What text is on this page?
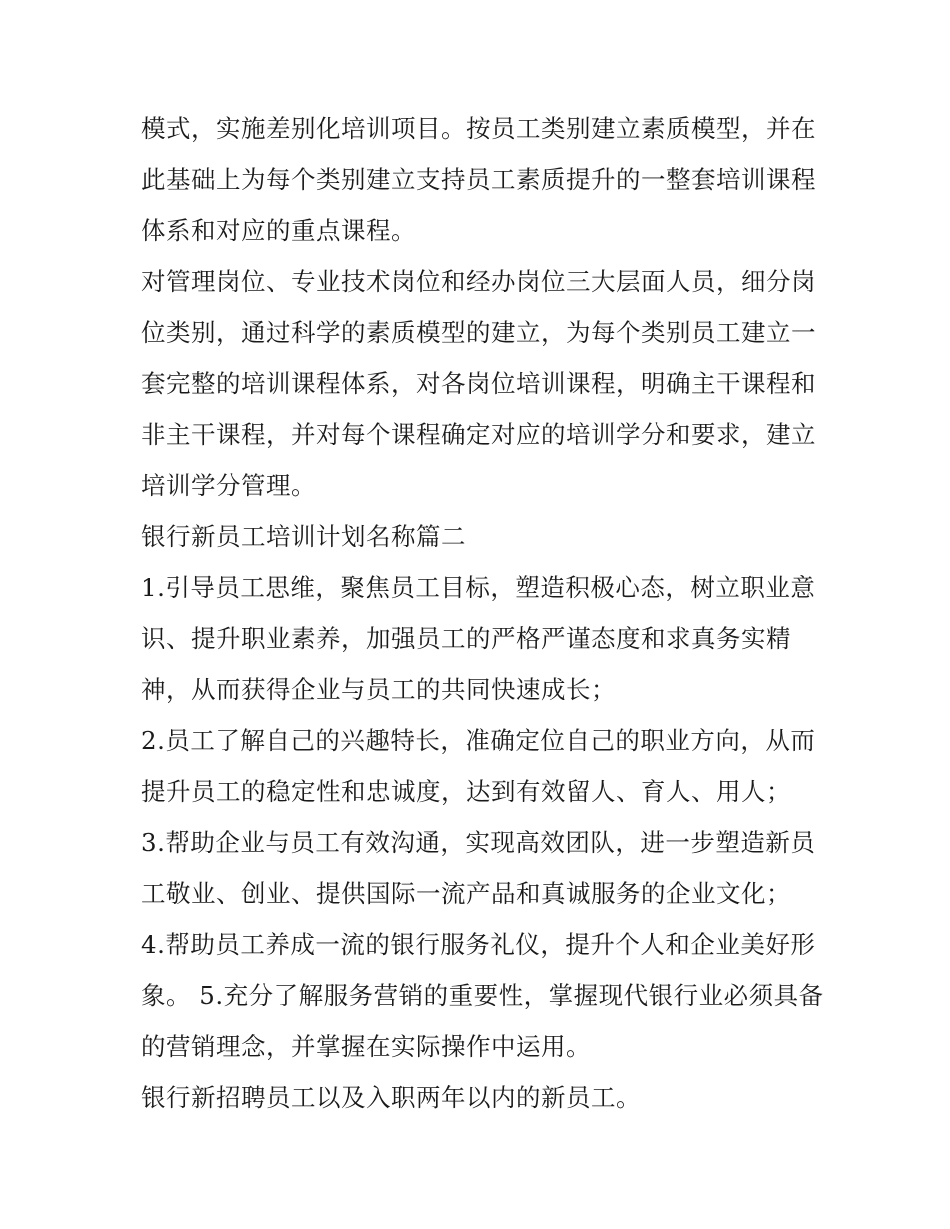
模式，实施差别化培训项目。按员工类别建立素质模型，并在
此基础上为每个类别建立支持员工素质提升的一整套培训课程
体系和对应的重点课程。
对管理岗位、专业技术岗位和经办岗位三大层面人员，细分岗
位类别，通过科学的素质模型的建立，为每个类别员工建立一
套完整的培训课程体系，对各岗位培训课程，明确主干课程和
非主干课程，并对每个课程确定对应的培训学分和要求，建立
培训学分管理。
银行新员工培训计划名称篇二
1.引导员工思维，聚焦员工目标，塑造积极心态，树立职业意
识、提升职业素养，加强员工的严格严谨态度和求真务实精
神，从而获得企业与员工的共同快速成长；
2.员工了解自己的兴趣特长，准确定位自己的职业方向，从而
提升员工的稳定性和忠诚度，达到有效留人、育人、用人；
3.帮助企业与员工有效沟通，实现高效团队，进一步塑造新员
工敬业、创业、提供国际一流产品和真诚服务的企业文化；
4.帮助员工养成一流的银行服务礼仪，提升个人和企业美好形
象。 5.充分了解服务营销的重要性，掌握现代银行业必须具备
的营销理念，并掌握在实际操作中运用。
银行新招聘员工以及入职两年以内的新员工。
